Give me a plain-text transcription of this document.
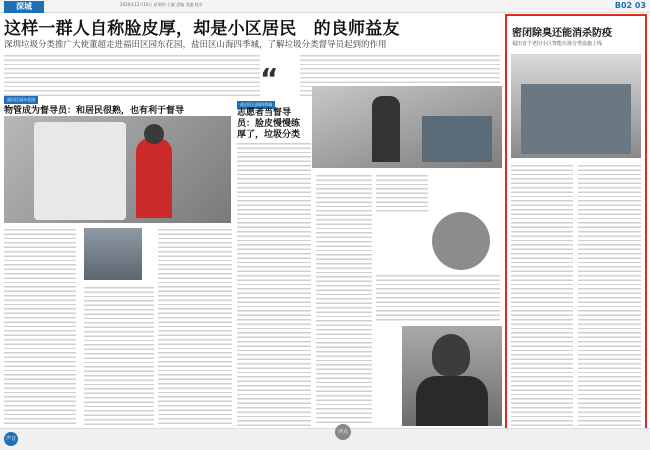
深城	2020年12月10日 星期四 主编 责编 美编 校对	B02 03
这样一群人自称脸皮厚，却是小区居民　的良师益友
深圳垃圾分类推广大使董超走进福田区园东花园，盐田区山海四季城，了解垃圾分类督导员起到的作用
“
福田区园东花园
物管成为督导员：和居民很熟，也有利于督导
盐田区山海四季城
志愿者当督导员：脸皮慢慢练厚了，垃圾分类
密闭除臭还能消杀防疫
福田首个老旧小区智能垃圾分类设施上线
声音
评点
